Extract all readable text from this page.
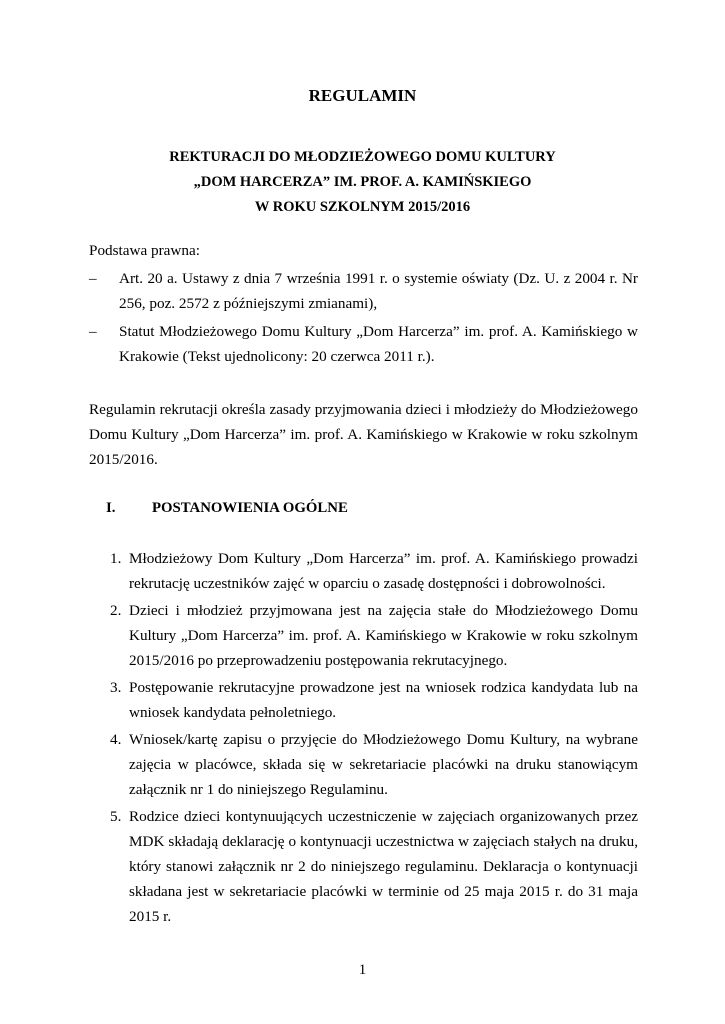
REGULAMIN
REKTURACJI DO MŁODZIEŻOWEGO DOMU KULTURY
„DOM HARCERZA” IM. PROF. A. KAMIŃSKIEGO
W ROKU SZKOLNYM 2015/2016
Podstawa prawna:
– Art. 20 a. Ustawy z dnia 7 września 1991 r. o systemie oświaty (Dz. U. z 2004 r. Nr 256, poz. 2572 z późniejszymi zmianami),
– Statut Młodzieżowego Domu Kultury „Dom Harcerza” im. prof. A. Kamińskiego w Krakowie (Tekst ujednolicony: 20 czerwca 2011 r.).
Regulamin rekrutacji określa zasady przyjmowania dzieci i młodzieży do Młodzieżowego Domu Kultury „Dom Harcerza” im. prof. A. Kamińskiego w Krakowie w roku szkolnym 2015/2016.
I. POSTANOWIENIA OGÓLNE
1. Młodzieżowy Dom Kultury „Dom Harcerza” im. prof. A. Kamińskiego prowadzi rekrutację uczestników zajęć w oparciu o zasadę dostępności i dobrowolności.
2. Dzieci i młodzież przyjmowana jest na zajęcia stałe do Młodzieżowego Domu Kultury „Dom Harcerza” im. prof. A. Kamińskiego w Krakowie w roku szkolnym 2015/2016 po przeprowadzeniu postępowania rekrutacyjnego.
3. Postępowanie rekrutacyjne prowadzone jest na wniosek rodzica kandydata lub na wniosek kandydata pełnoletniego.
4. Wniosek/kartę zapisu o przyjęcie do Młodzieżowego Domu Kultury, na wybrane zajęcia w placówce, składa się w sekretariacie placówki na druku stanowiącym załącznik nr 1 do niniejszego Regulaminu.
5. Rodzice dzieci kontynuujących uczestniczenie w zajęciach organizowanych przez MDK składają deklarację o kontynuacji uczestnictwa w zajęciach stałych na druku, który stanowi załącznik nr 2 do niniejszego regulaminu. Deklaracja o kontynuacji składana jest w sekretariacie placówki w terminie od 25 maja 2015 r. do 31 maja 2015 r.
1
